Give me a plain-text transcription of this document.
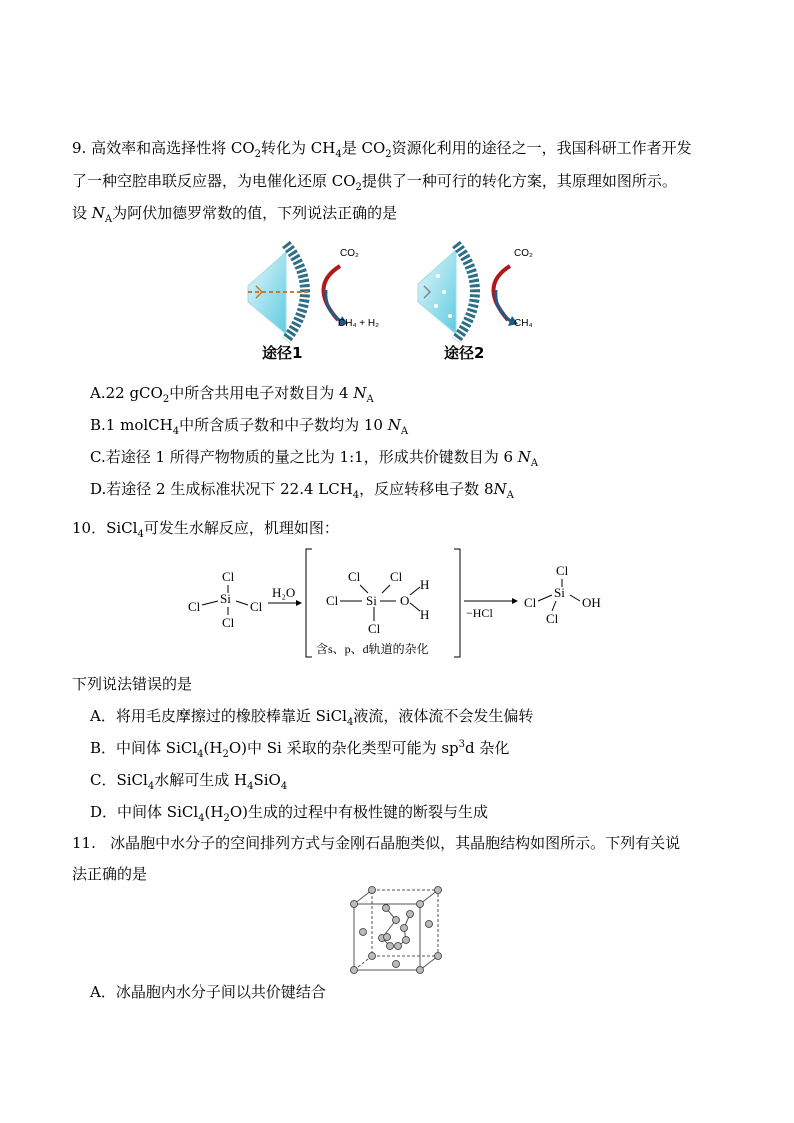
9. 高效率和高选择性将 $CO_2$转化为 $CH_4$是 $CO_2$资源化利用的途径之一，我国科研工作者开发
了一种空腔串联反应器，为电催化还原 $CO_2$提供了一种可行的转化方案，其原理如图所示。
设 $N_A$为阿伏加德罗常数的值，下列说法正确的是
CO₂
CH₄ + H₂
途径1
CO₂
CH₄
途径2
A.22 gCO$_2$中所含共用电子对数目为 4 $N_A$
B.1 molCH$_4$中所含质子数和中子数均为 10 $N_A$
C.若途径 1 所得产物物质的量之比为 1:1，形成共价键数目为 6 $N_A$
D.若途径 2 生成标准状况下 22.4 $LCH_4$，反应转移电子数 $8N_A$
10．SiCl$_4$可发生水解反应，机理如图：
Cl
Cl
Cl	Cl
Si	H₂O
Cl Cl
Cl Si O
H
H
Cl
含s、p、d轨道的杂化
−HCl
Cl
Cl
Si
OH
Cl
下列说法错误的是
A．将用毛皮摩擦过的橡胶棒靠近 SiCl$_4$液流，液体流不会发生偏转
B．中间体 $SiCl_4(H_2O)$中 Si 采取的杂化类型可能为 $sp^3d$ 杂化
C．SiCl$_4$水解可生成 $H_4SiO_4$
D．中间体 $SiCl_4(H_2O)$生成的过程中有极性键的断裂与生成
11. 冰晶胞中水分子的空间排列方式与金刚石晶胞类似，其晶胞结构如图所示。下列有关说
法正确的是
A．冰晶胞内水分子间以共价键结合
